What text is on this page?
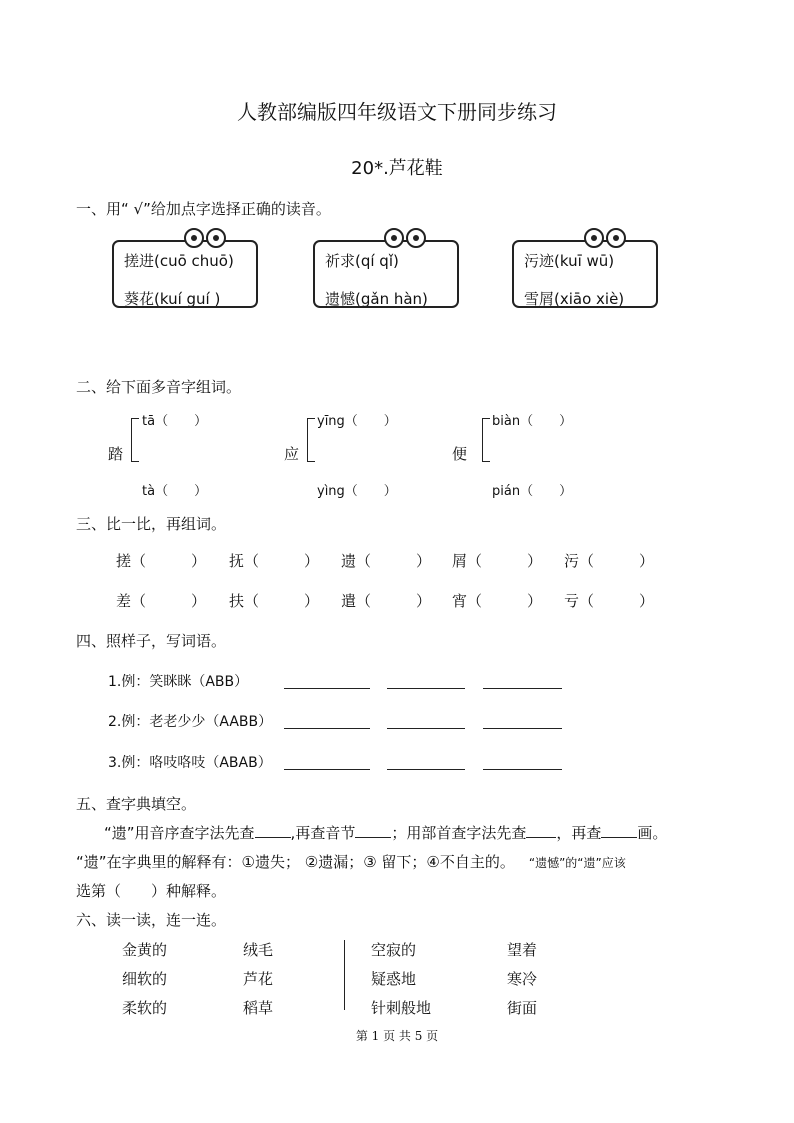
人教部编版四年级语文下册同步练习
20*.芦花鞋
一、用“ √”给加点字选择正确的读音。
搓进(cuō chuō)
葵花(kuí guí )
祈求(qí qǐ)
遗憾(gǎn hàn)
污迹(kuī wū)
雪屑(xiāo xiè)
二、给下面多音字组词。
踏
tā（　　）
tà（　　）
应
yīng（　　）
yìng（　　）
便
biàn（　　）
pián（　　）
三、比一比，再组词。
搓（　　　） 抚（　　　） 遗（　　　） 屑（　　　） 污（　　　）
差（　　　） 扶（　　　） 遣（　　　） 宵（　　　） 亏（　　　）
四、照样子，写词语。
1.例：笑眯眯（ABB）
2.例：老老少少（AABB）
3.例：咯吱咯吱（ABAB）
五、查字典填空。
“遗”用音序查字法先查 ,再查音节 ；用部首查字法先查 ，再查 画。
“遗”在字典里的解释有：①遗失； ②遗漏；③ 留下；④不自主的。 “遗憾”的“遗”应该
选第（　　）种解释。
六、读一读，连一连。
金黄的
细软的
柔软的
绒毛
芦花
稻草
空寂的
疑惑地
针刺般地
望着
寒冷
街面
第 1 页 共 5 页
